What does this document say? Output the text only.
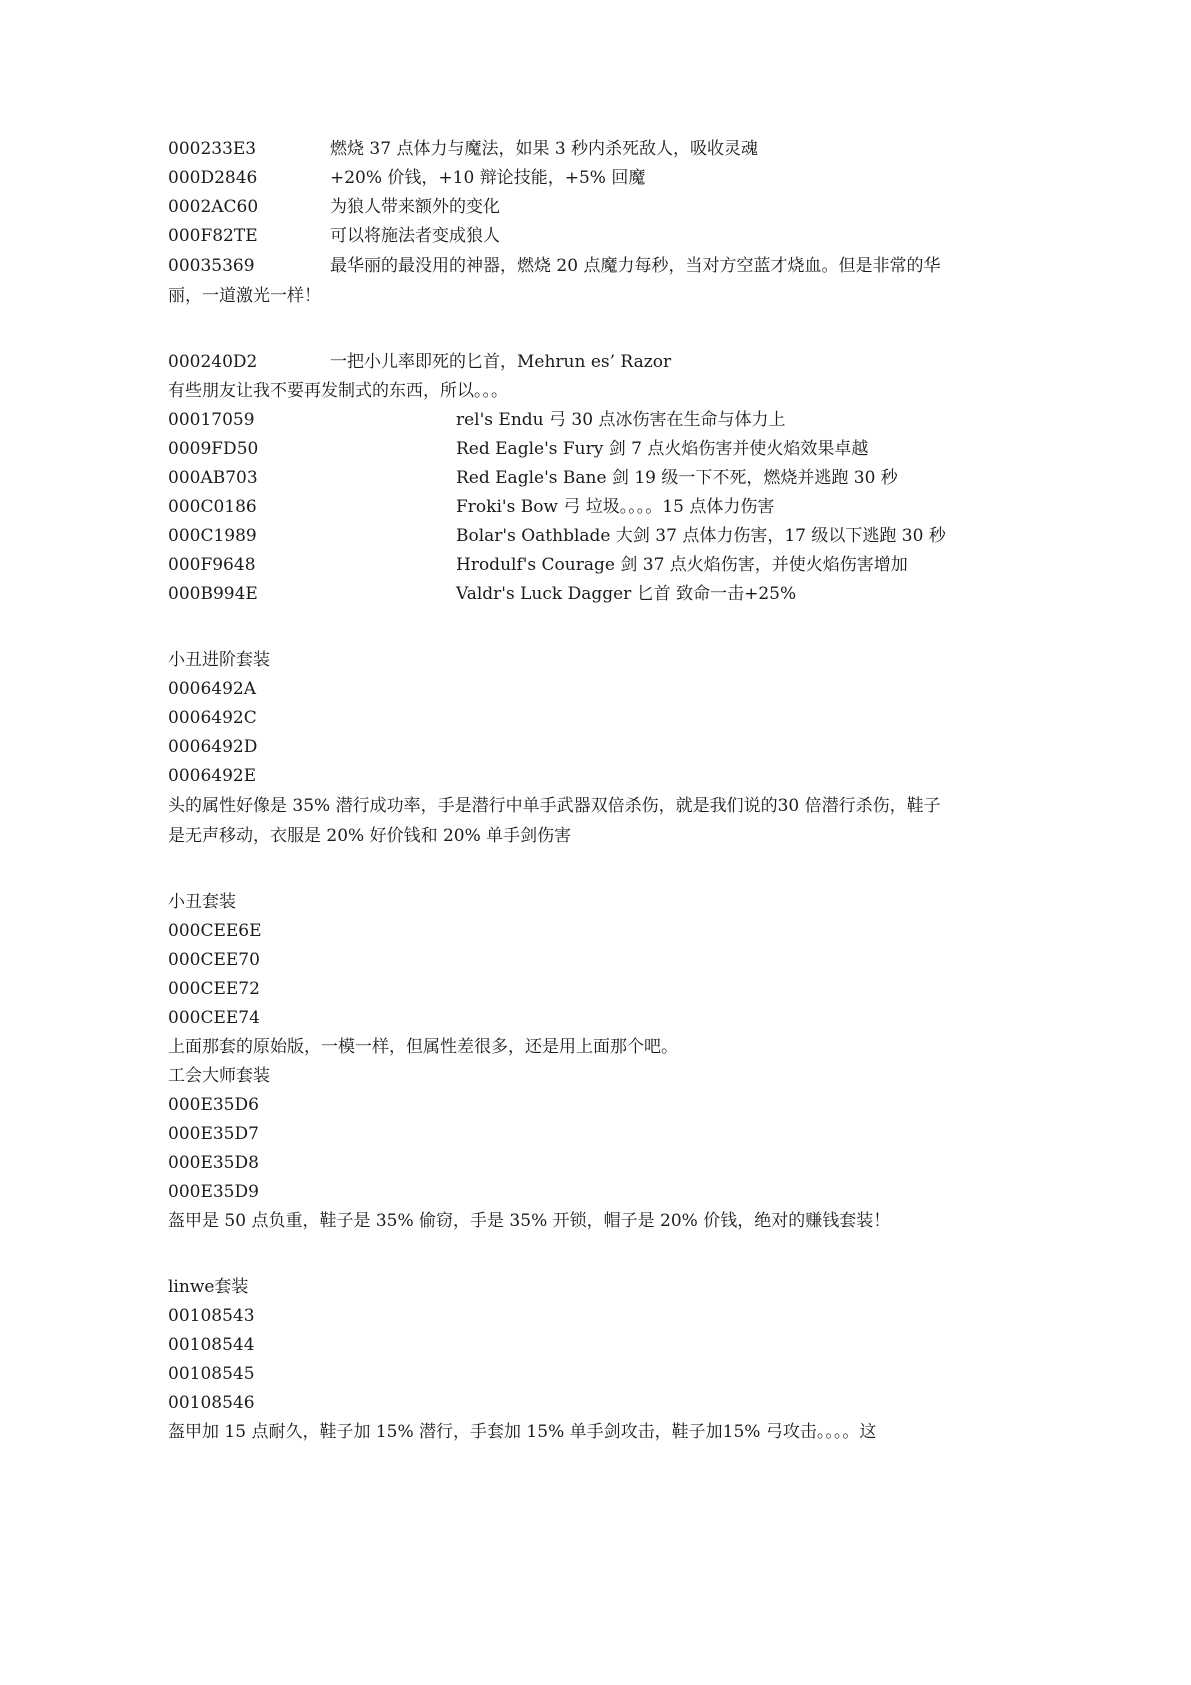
000233E3	燃烧 37 点体力与魔法，如果 3 秒内杀死敌人，吸收灵魂
000D2846	+20% 价钱，+10 辩论技能，+5% 回魔
0002AC60	为狼人带来额外的变化
000F82TE	可以将施法者变成狼人
00035369	最华丽的最没用的神器，燃烧 20 点魔力每秒，当对方空蓝才烧血。但是非常的华丽，一道激光一样！
000240D2	一把小儿率即死的匕首，Mehrun es’ Razor
有些朋友让我不要再发制式的东西，所以。。。
00017059	rel's Endu 弓 30 点冰伤害在生命与体力上
0009FD50	Red Eagle's Fury 剑 7 点火焰伤害并使火焰效果卓越
000AB703	Red Eagle's Bane 剑 19 级一下不死，燃烧并逃跑 30 秒
000C0186	Froki's Bow 弓 垃圾。。。。15 点体力伤害
000C1989	Bolar's Oathblade 大剑 37 点体力伤害，17 级以下逃跑 30 秒
000F9648	Hrodulf's Courage 剑 37 点火焰伤害，并使火焰伤害增加
000B994E	Valdr's Luck Dagger 匕首 致命一击+25%
小丑进阶套装
0006492A
0006492C
0006492D
0006492E
头的属性好像是 35% 潜行成功率，手是潜行中单手武器双倍杀伤，就是我们说的30 倍潜行杀伤，鞋子是无声移动，衣服是 20% 好价钱和 20% 单手剑伤害
小丑套装
000CEE6E
000CEE70
000CEE72
000CEE74
上面那套的原始版，一模一样，但属性差很多，还是用上面那个吧。
工会大师套装
000E35D6
000E35D7
000E35D8
000E35D9
盔甲是 50 点负重，鞋子是 35% 偷窃，手是 35% 开锁，帽子是 20% 价钱，绝对的赚钱套装！
linwe套装
00108543
00108544
00108545
00108546
盔甲加 15 点耐久，鞋子加 15% 潜行，手套加 15% 单手剑攻击，鞋子加15% 弓攻击。。。。这
